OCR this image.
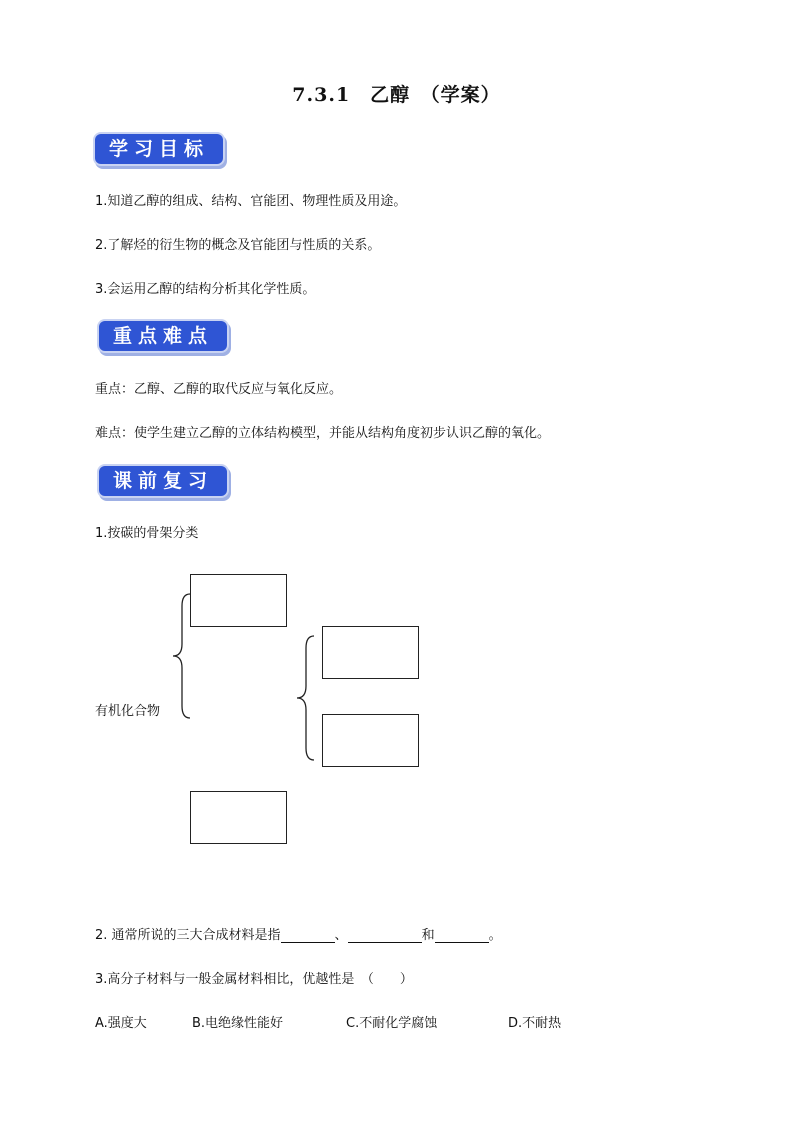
7.3.1　乙醇　（学案）
学习目标
1.知道乙醇的组成、结构、官能团、物理性质及用途。
2.了解烃的衍生物的概念及官能团与性质的关系。
3.会运用乙醇的结构分析其化学性质。
重点难点
重点：乙醇、乙醇的取代反应与氧化反应。
难点：使学生建立乙醇的立体结构模型，并能从结构角度初步认识乙醇的氧化。
课前复习
1.按碳的骨架分类
有机化合物
2. 通常所说的三大合成材料是指	、	和	。
3.高分子材料与一般金属材料相比，优越性是　（　　）
A.强度大	B.电绝缘性能好	C.不耐化学腐蚀	D.不耐热
